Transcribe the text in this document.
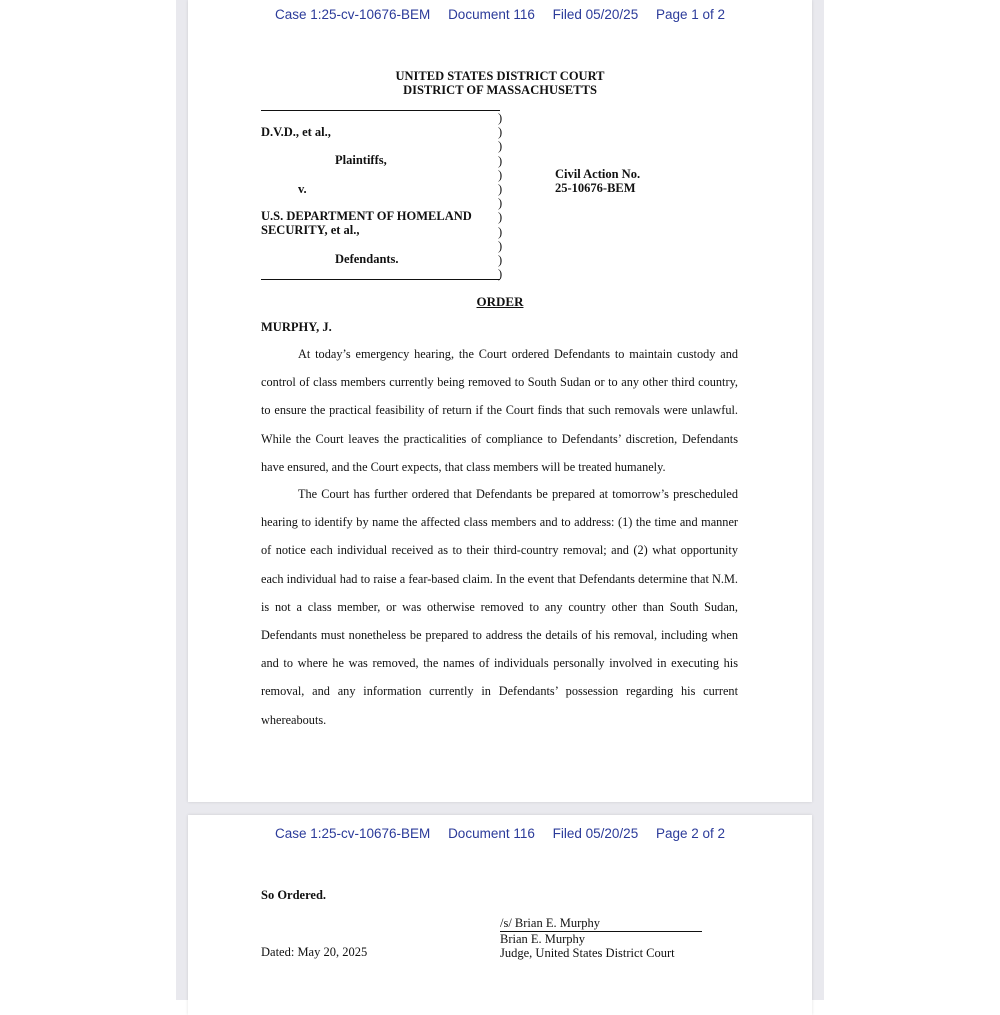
Case 1:25-cv-10676-BEM Document 116 Filed 05/20/25 Page 1 of 2
UNITED STATES DISTRICT COURT
DISTRICT OF MASSACHUSETTS
)
)
)
)
)
)
)
)
)
)
)
)
D.V.D., et al.,
Plaintiffs,
v.
U.S. DEPARTMENT OF HOMELAND
SECURITY, et al.,
Defendants.
Civil Action No.
25-10676-BEM
ORDER
MURPHY, J.

At today’s emergency hearing, the Court ordered Defendants to maintain custody and control of class members currently being removed to South Sudan or to any other third country, to ensure the practical feasibility of return if the Court finds that such removals were unlawful. While the Court leaves the practicalities of compliance to Defendants’ discretion, Defendants have ensured, and the Court expects, that class members will be treated humanely.

The Court has further ordered that Defendants be prepared at tomorrow’s prescheduled hearing to identify by name the affected class members and to address: (1) the time and manner of notice each individual received as to their third-country removal; and (2) what opportunity each individual had to raise a fear-based claim. In the event that Defendants determine that N.M. is not a class member, or was otherwise removed to any country other than South Sudan, Defendants must nonetheless be prepared to address the details of his removal, including when and to where he was removed, the names of individuals personally involved in executing his removal, and any information currently in Defendants’ possession regarding his current whereabouts.

Case 1:25-cv-10676-BEM Document 116 Filed 05/20/25 Page 2 of 2
So Ordered.
/s/ Brian E. Murphy
Brian E. Murphy
Judge, United States District Court
Dated: May 20, 2025
